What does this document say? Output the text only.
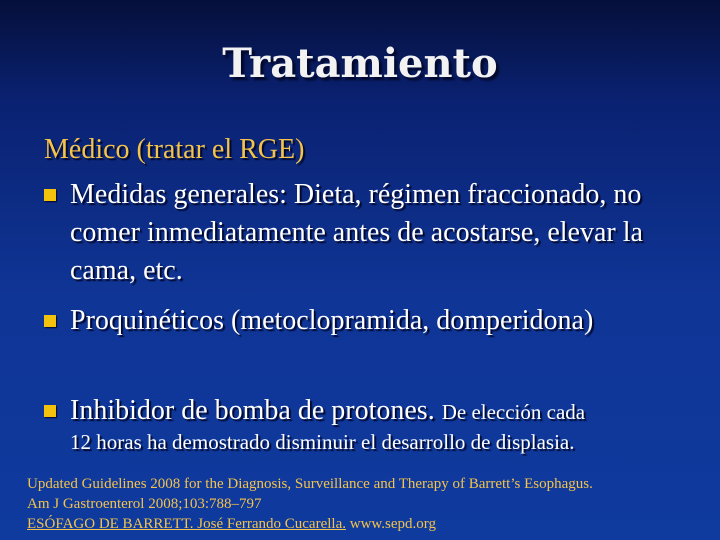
Tratamiento
Médico (tratar el RGE)
Medidas generales: Dieta, régimen fraccionado, no comer inmediatamente antes de acostarse, elevar la cama, etc.
Proquinéticos (metoclopramida, domperidona)
Inhibidor de bomba de protones. De elección cada
12 horas ha demostrado disminuir el desarrollo de displasia.
Updated Guidelines 2008 for the Diagnosis, Surveillance and Therapy of Barrett’s Esophagus.
Am J Gastroenterol 2008;103:788–797
ESÓFAGO DE BARRETT. José Ferrando Cucarella. www.sepd.org
